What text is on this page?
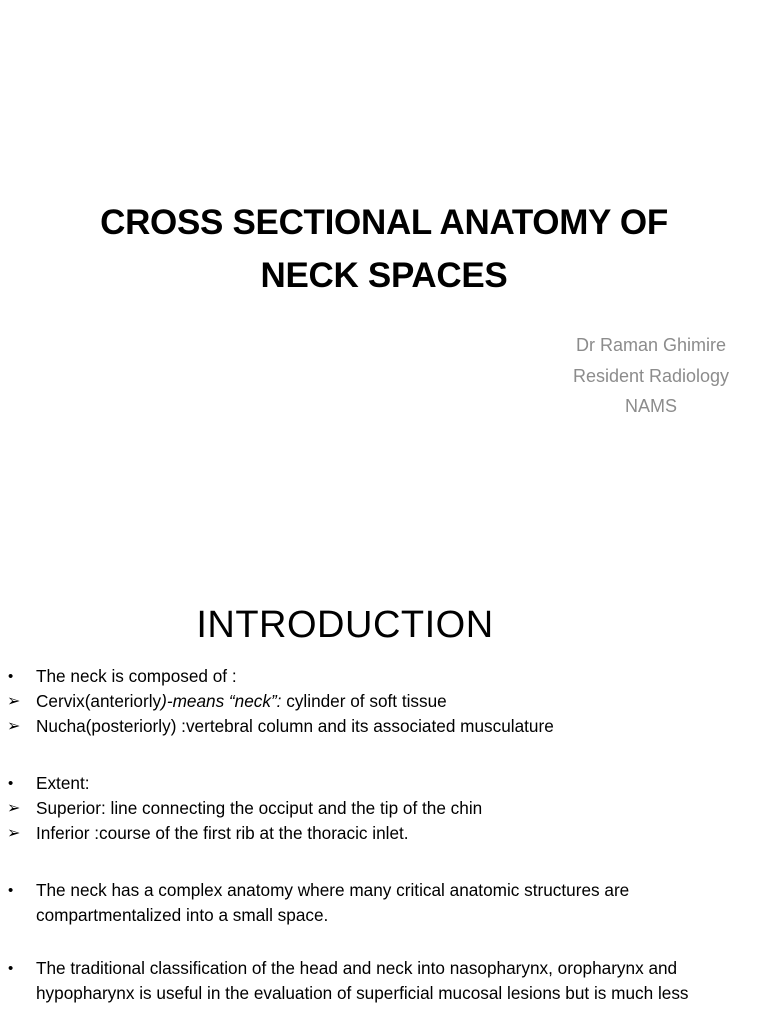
CROSS SECTIONAL ANATOMY OF
NECK SPACES
Dr Raman Ghimire
Resident Radiology
NAMS
INTRODUCTION
•	The neck is composed of :
➢ Cervix(anteriorly)-means “neck”: cylinder of soft tissue
➢ Nucha(posteriorly) :vertebral column and its associated musculature
•	Extent:
➢ Superior: line connecting the occiput and the tip of the chin
➢ Inferior :course of the first rib at the thoracic inlet.
•	The neck has a complex anatomy where many critical anatomic structures are
compartmentalized into a small space.
•	The traditional classification of the head and neck into nasopharynx, oropharynx and
hypopharynx is useful in the evaluation of superficial mucosal lesions but is much less
